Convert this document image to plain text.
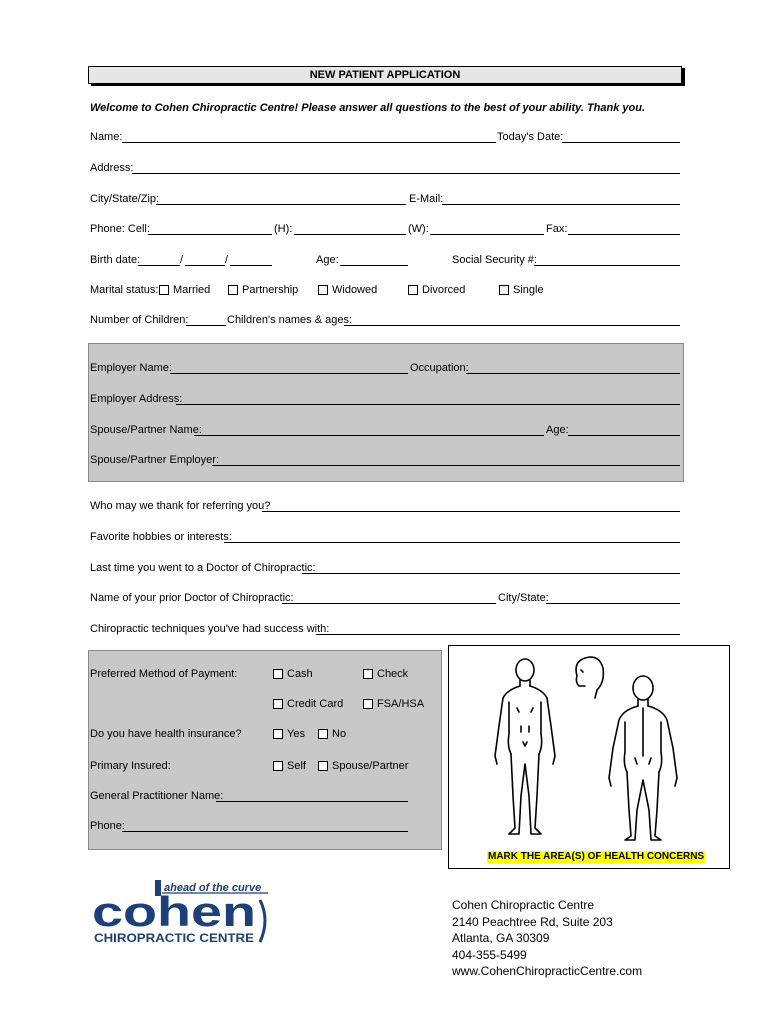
NEW PATIENT APPLICATION
Welcome to Cohen Chiropractic Centre! Please answer all questions to the best of your ability. Thank you.
Name:	Today's Date:
Address:
City/State/Zip:	E-Mail:
Phone: Cell:	(H):	(W):	Fax:
Birth date:	/	/	Age:	Social Security #:
Marital status: Married	Partnership	Widowed	Divorced	Single
Number of Children:	Children's names & ages:
Employer Name:	Occupation:
Employer Address:
Spouse/Partner Name:	Age:
Spouse/Partner Employer:
Who may we thank for referring you?
Favorite hobbies or interests:
Last time you went to a Doctor of Chiropractic:
Name of your prior Doctor of Chiropractic:	City/State:
Chiropractic techniques you've had success with:
Preferred Method of Payment:	Cash	Check
Credit Card	FSA/HSA
Do you have health insurance?	Yes No
Primary Insured:	Self Spouse/Partner
General Practitioner Name:
Phone:
MARK THE AREA(S) OF HEALTH CONCERNS
ahead of the curve
cohen
CHIROPRACTIC CENTRE
Cohen Chiropractic Centre
2140 Peachtree Rd, Suite 203
Atlanta, GA 30309
404-355-5499
www.CohenChiropracticCentre.com
